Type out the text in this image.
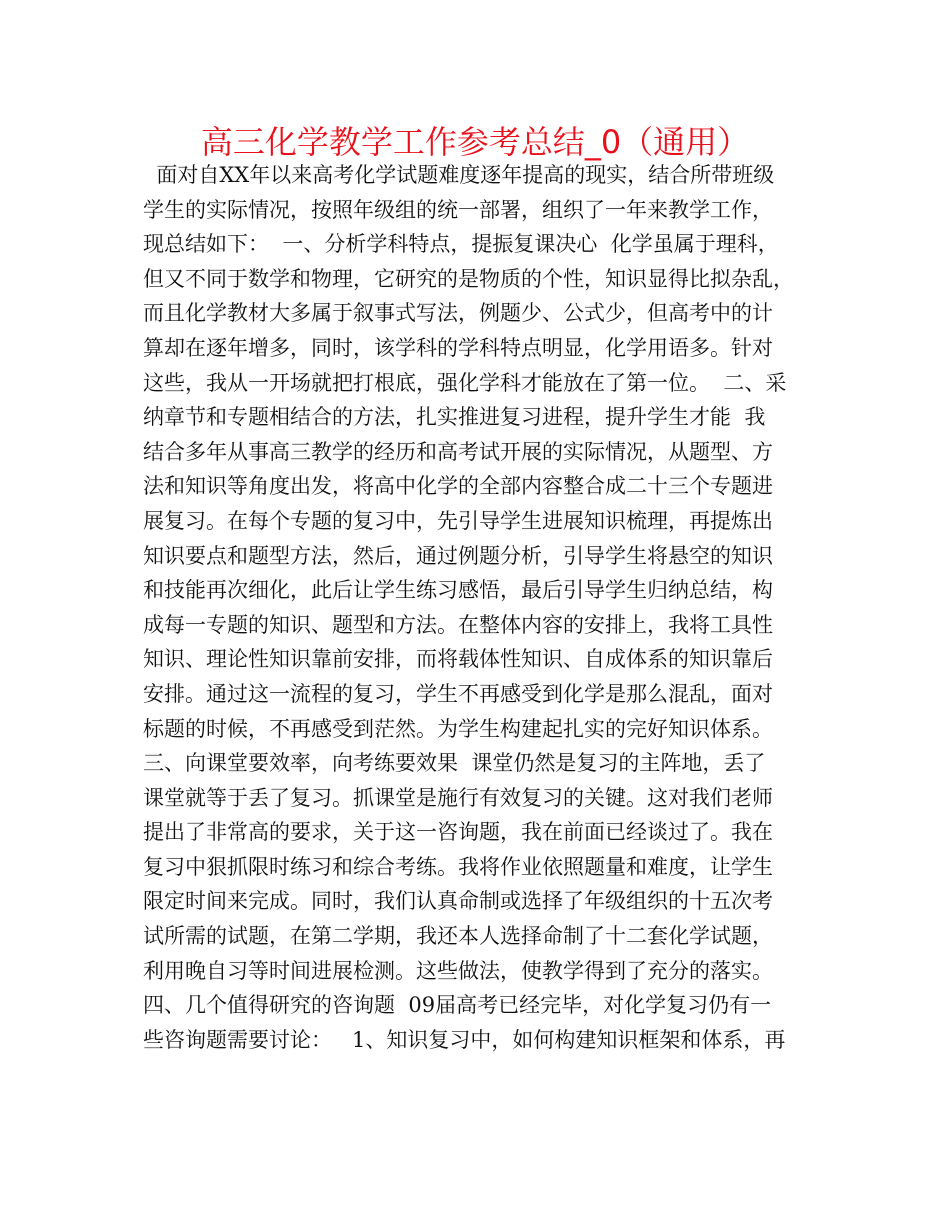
高三化学教学工作参考总结_0（通用）
面对自XX年以来高考化学试题难度逐年提高的现实，结合所带班级
学生的实际情况，按照年级组的统一部署，组织了一年来教学工作，
现总结如下：  一、分析学科特点，提振复课决心  化学虽属于理科，
但又不同于数学和物理，它研究的是物质的个性，知识显得比拟杂乱，
而且化学教材大多属于叙事式写法，例题少、公式少，但高考中的计
算却在逐年增多，同时，该学科的学科特点明显，化学用语多。针对
这些，我从一开场就把打根底，强化学科才能放在了第一位。  二、采
纳章节和专题相结合的方法，扎实推进复习进程，提升学生才能  我
结合多年从事高三教学的经历和高考试开展的实际情况，从题型、方
法和知识等角度出发，将高中化学的全部内容整合成二十三个专题进
展复习。在每个专题的复习中，先引导学生进展知识梳理，再提炼出
知识要点和题型方法，然后，通过例题分析，引导学生将悬空的知识
和技能再次细化，此后让学生练习感悟，最后引导学生归纳总结，构
成每一专题的知识、题型和方法。在整体内容的安排上，我将工具性
知识、理论性知识靠前安排，而将载体性知识、自成体系的知识靠后
安排。通过这一流程的复习，学生不再感受到化学是那么混乱，面对
标题的时候，不再感受到茫然。为学生构建起扎实的完好知识体系。
三、向课堂要效率，向考练要效果  课堂仍然是复习的主阵地，丢了
课堂就等于丢了复习。抓课堂是施行有效复习的关键。这对我们老师
提出了非常高的要求，关于这一咨询题，我在前面已经谈过了。我在
复习中狠抓限时练习和综合考练。我将作业依照题量和难度，让学生
限定时间来完成。同时，我们认真命制或选择了年级组织的十五次考
试所需的试题，在第二学期，我还本人选择命制了十二套化学试题，
利用晚自习等时间进展检测。这些做法，使教学得到了充分的落实。
四、几个值得研究的咨询题  09届高考已经完毕，对化学复习仍有一
些咨询题需要讨论：   1、知识复习中，如何构建知识框架和体系，再
